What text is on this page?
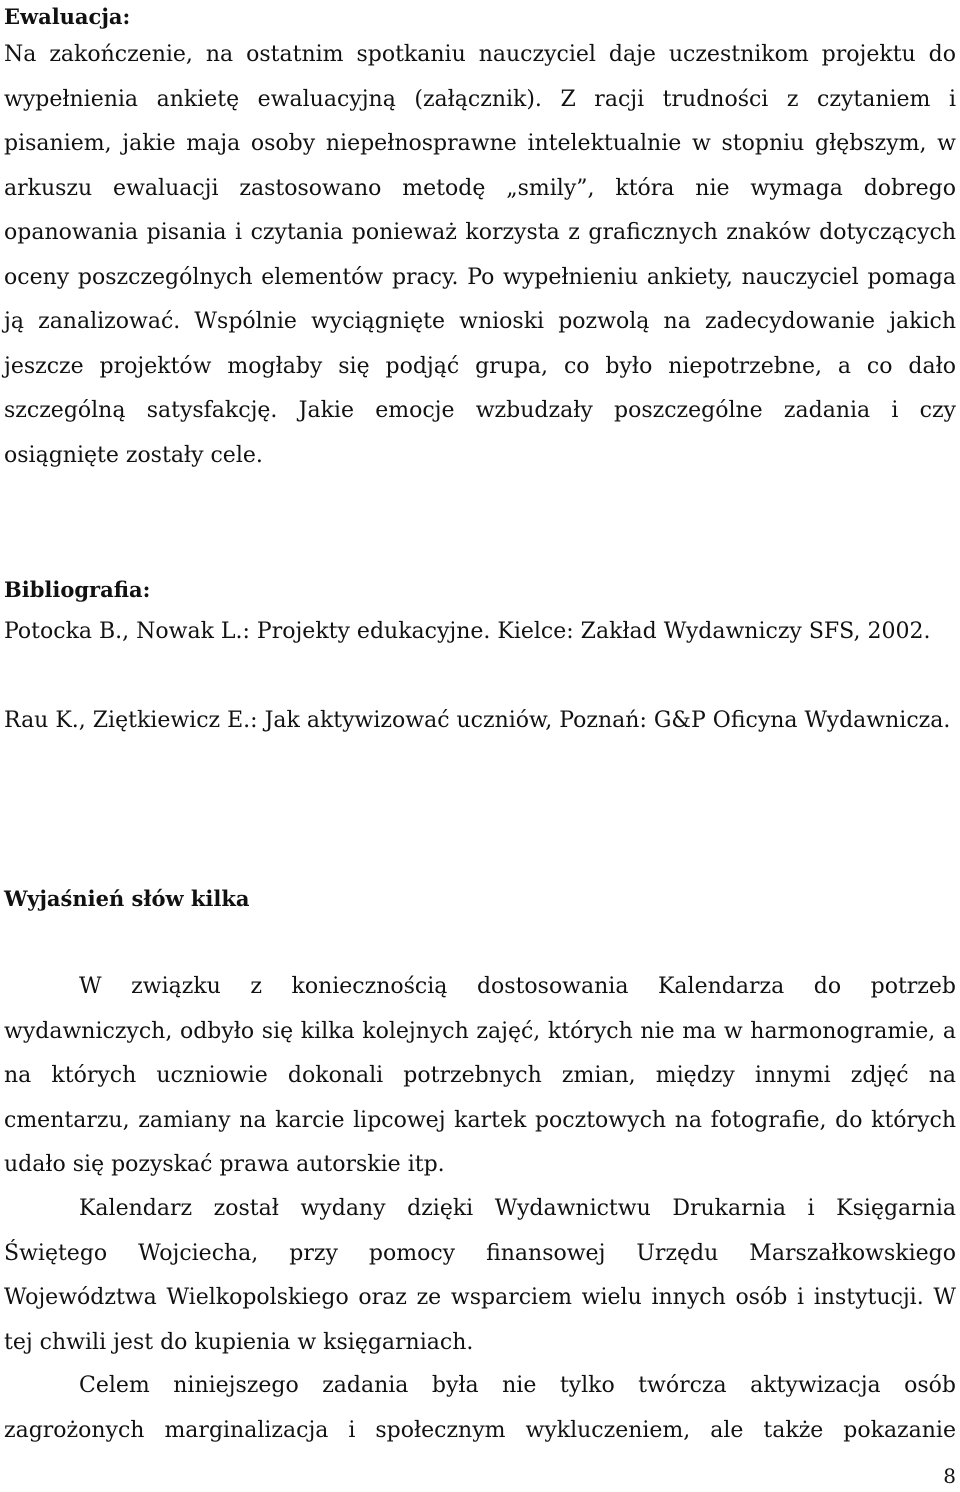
Ewaluacja:

Na zakończenie, na ostatnim spotkaniu nauczyciel daje uczestnikom projektu do wypełnienia ankietę ewaluacyjną (załącznik). Z racji trudności z czytaniem i pisaniem, jakie maja osoby niepełnosprawne intelektualnie w stopniu głębszym, w arkuszu ewaluacji zastosowano metodę „smily”, która nie wymaga dobrego opanowania pisania i czytania ponieważ korzysta z graficznych znaków dotyczących oceny poszczególnych elementów pracy. Po wypełnieniu ankiety, nauczyciel pomaga ją zanalizować. Wspólnie wyciągnięte wnioski pozwolą na zadecydowanie jakich jeszcze projektów mogłaby się podjąć grupa, co było niepotrzebne, a co dało szczególną satysfakcję. Jakie emocje wzbudzały poszczególne zadania i czy osiągnięte zostały cele.

Bibliografia:

Potocka B., Nowak L.: Projekty edukacyjne. Kielce: Zakład Wydawniczy SFS, 2002.

Rau K., Ziętkiewicz E.: Jak aktywizować uczniów, Poznań: G&P Oficyna Wydawnicza.

Wyjaśnień słów kilka

W związku z koniecznością dostosowania Kalendarza do potrzeb wydawniczych, odbyło się kilka kolejnych zajęć, których nie ma w harmonogramie, a na których uczniowie dokonali potrzebnych zmian, między innymi zdjęć na cmentarzu, zamiany na karcie lipcowej kartek pocztowych na fotografie, do których udało się pozyskać prawa autorskie itp.

Kalendarz został wydany dzięki Wydawnictwu Drukarnia i Księgarnia Świętego Wojciecha, przy pomocy finansowej Urzędu Marszałkowskiego Województwa Wielkopolskiego oraz ze wsparciem wielu innych osób i instytucji. W tej chwili jest do kupienia w księgarniach.

Celem niniejszego zadania była nie tylko twórcza aktywizacja osób zagrożonych marginalizacja i społecznym wykluczeniem, ale także pokazanie

8
